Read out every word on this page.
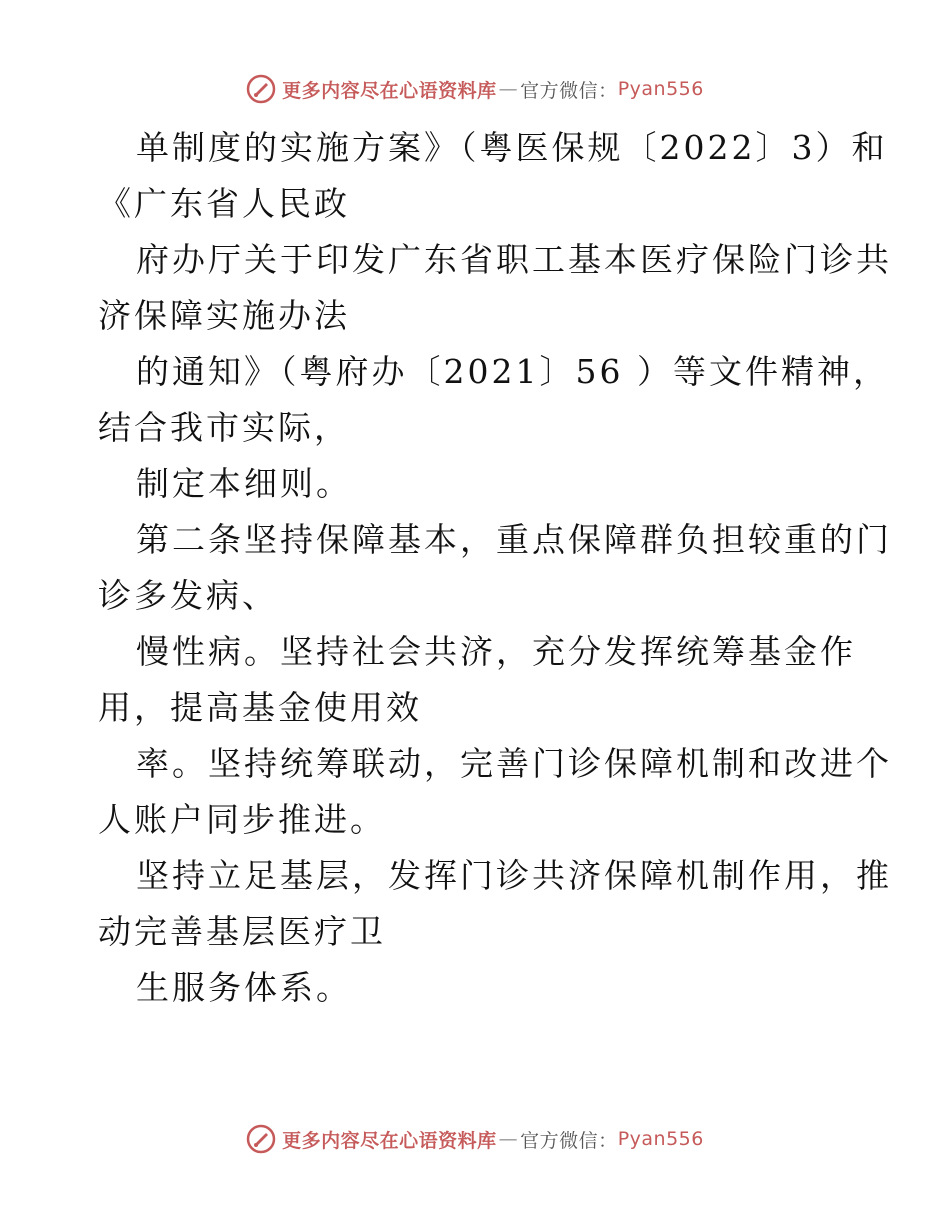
更多内容尽在心语资料库 — 官方微信： Pyan556
单制度的实施方案》（粤医保规〔2022〕3）和
《广东省人民政
府办厅关于印发广东省职工基本医疗保险门诊共
济保障实施办法
的通知》（粤府办〔2021〕56 ）等文件精神，
结合我市实际，
制定本细则。
第二条坚持保障基本，重点保障群负担较重的门
诊多发病、
慢性病。坚持社会共济，充分发挥统筹基金作
用，提高基金使用效
率。坚持统筹联动，完善门诊保障机制和改进个
人账户同步推进。
坚持立足基层，发挥门诊共济保障机制作用，推
动完善基层医疗卫
生服务体系。
更多内容尽在心语资料库 — 官方微信： Pyan556
